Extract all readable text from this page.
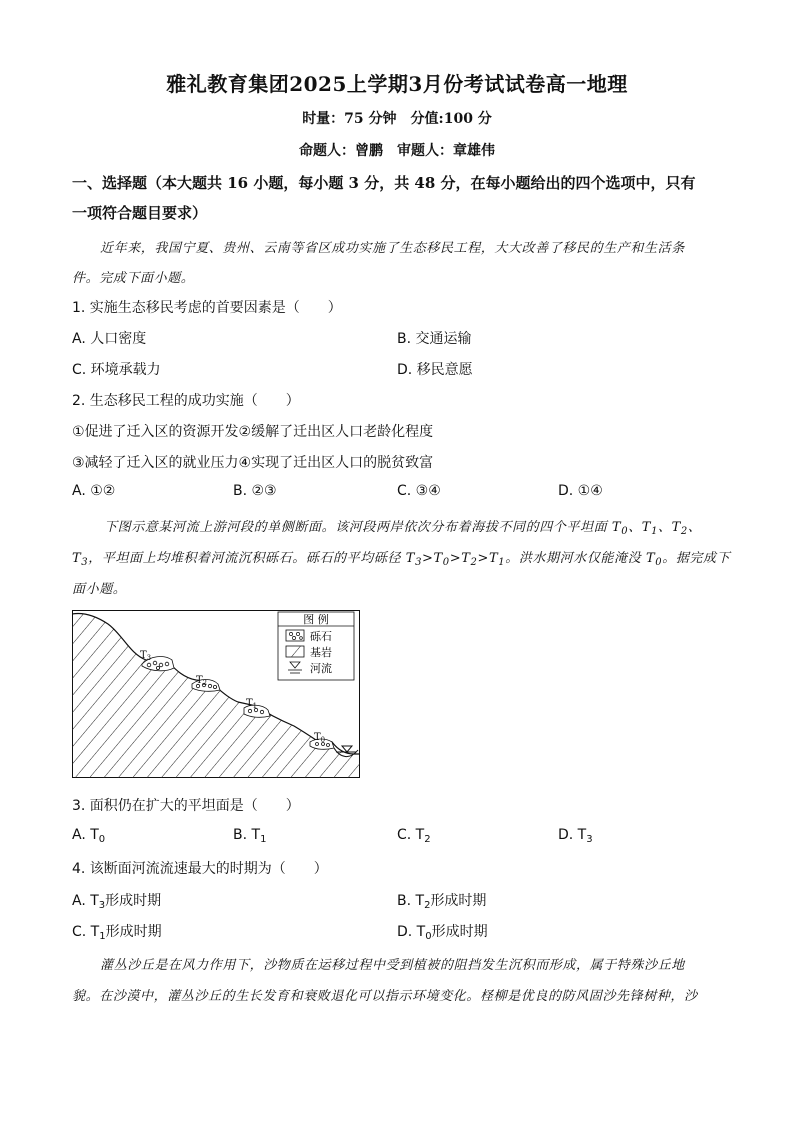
雅礼教育集团2025上学期3月份考试试卷高一地理
时量：75 分钟　分值:100 分
命题人：曾鹏　审题人：章雄伟
一、选择题（本大题共 16 小题，每小题 3 分，共 48 分，在每小题给出的四个选项中，只有
一项符合题目要求）
近年来，我国宁夏、贵州、云南等省区成功实施了生态移民工程，大大改善了移民的生产和生活条
件。完成下面小题。
1. 实施生态移民考虑的首要因素是（　　）
A. 人口密度	B. 交通运输
C. 环境承载力	D. 移民意愿
2. 生态移民工程的成功实施（　　）
①促进了迁入区的资源开发②缓解了迁出区人口老龄化程度
③减轻了迁入区的就业压力④实现了迁出区人口的脱贫致富
A. ①②	B. ②③	C. ③④	D. ①④
下图示意某河流上游河段的单侧断面。该河段两岸依次分布着海拔不同的四个平坦面 $T_0$、$T_1$、$T_2$、
$T_3$，平坦面上均堆积着河流沉积砾石。砾石的平均砾径 $T_3>T_0>T_2>T_1$。洪水期河水仅能淹没 $T_0$。据完成下
面小题。
$T_3$
$T_2$
$T_1$
$T_0$
图 例
砾石
基岩
河流
3. 面积仍在扩大的平坦面是（　　）
A. $T_0$	B. $T_1$	C. $T_2$	D. $T_3$
4. 该断面河流流速最大的时期为（　　）
A. $T_3$形成时期	B. $T_2$形成时期
C. $T_1$形成时期	D. $T_0$形成时期
灌丛沙丘是在风力作用下，沙物质在运移过程中受到植被的阻挡发生沉积而形成，属于特殊沙丘地
貌。在沙漠中，灌丛沙丘的生长发育和衰败退化可以指示环境变化。柽柳是优良的防风固沙先锋树种，沙
